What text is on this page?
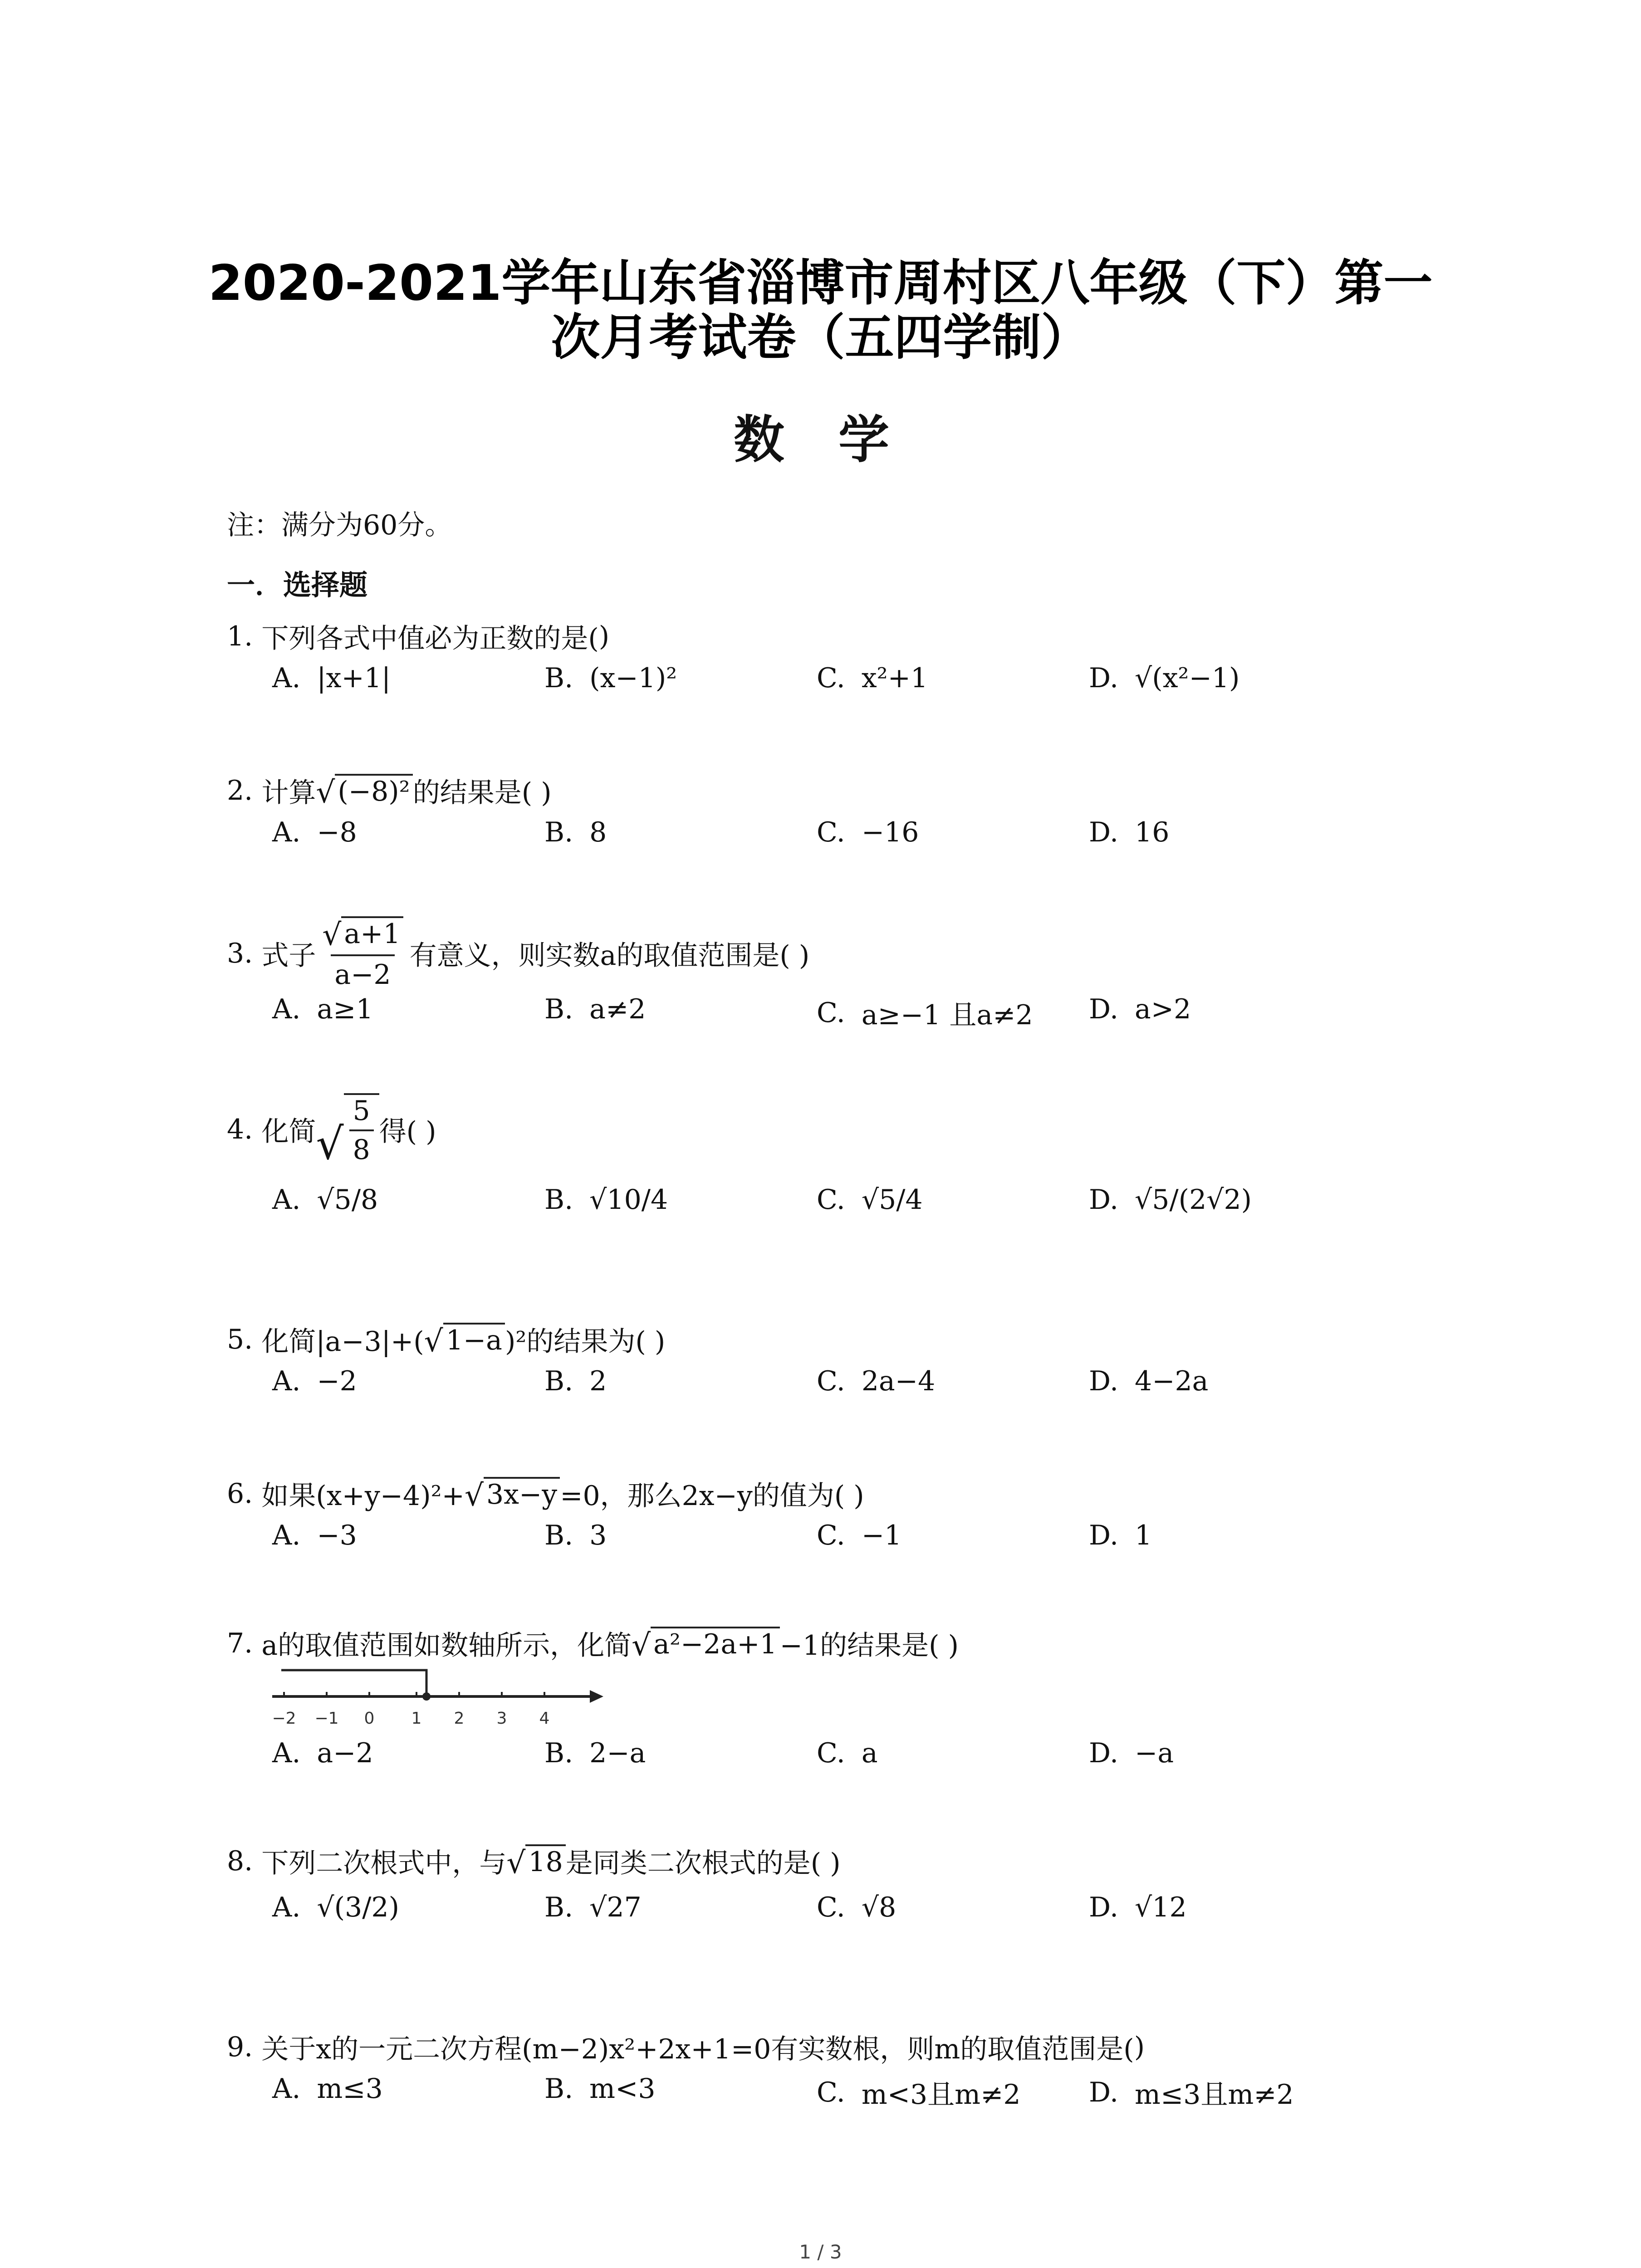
2020-2021学年山东省淄博市周村区八年级（下）第一
次月考试卷（五四学制）
数 学
注：满分为60分。
一．选择题
1.
下列各式中值必为正数的是( )
A. |x+1|	B. (x−1)²	C. x²+1	D. √(x²−1)
2.
计算 √ (−8)² 的结果是( )
A. −8	B. 8	C. −16	D. 16
3.
式子 $\frac{√ a+1}{a-2}$ 有意义，则实数a的取值范围是( )
A. a≥1	B. a≠2	C. a≥−1 且a≠2 D. a>2
4.
化简 √ $\frac{5}{8}$ 得( )
A. √5/8	B. √10/4	C. √5/4	D. √5/(2√2)
5.
化简|a−3|+( √ 1−a )²的结果为( )
A. −2	B. 2	C. 2a−4	D. 4−2a
6.
如果(x+y−4)²+ √ 3x−y =0，那么2x−y的值为( )
A. −3	B. 3	C. −1	D. 1
7.
a的取值范围如数轴所示，化简 √ a²−2a+1 −1的结果是( )
−2 −1 0 1 2 3 4
A. a−2	B. 2−a	C. a	D. −a
8.
下列二次根式中，与 √ 18 是同类二次根式的是( )
A. √(3/2)	B. √27	C. √8	D. √12
9.
关于x的一元二次方程(m−2)x²+2x+1=0有实数根，则m的取值范围是( )
A. m≤3	B. m<3	C. m<3且m≠2	D. m≤3且m≠2
1 / 3
